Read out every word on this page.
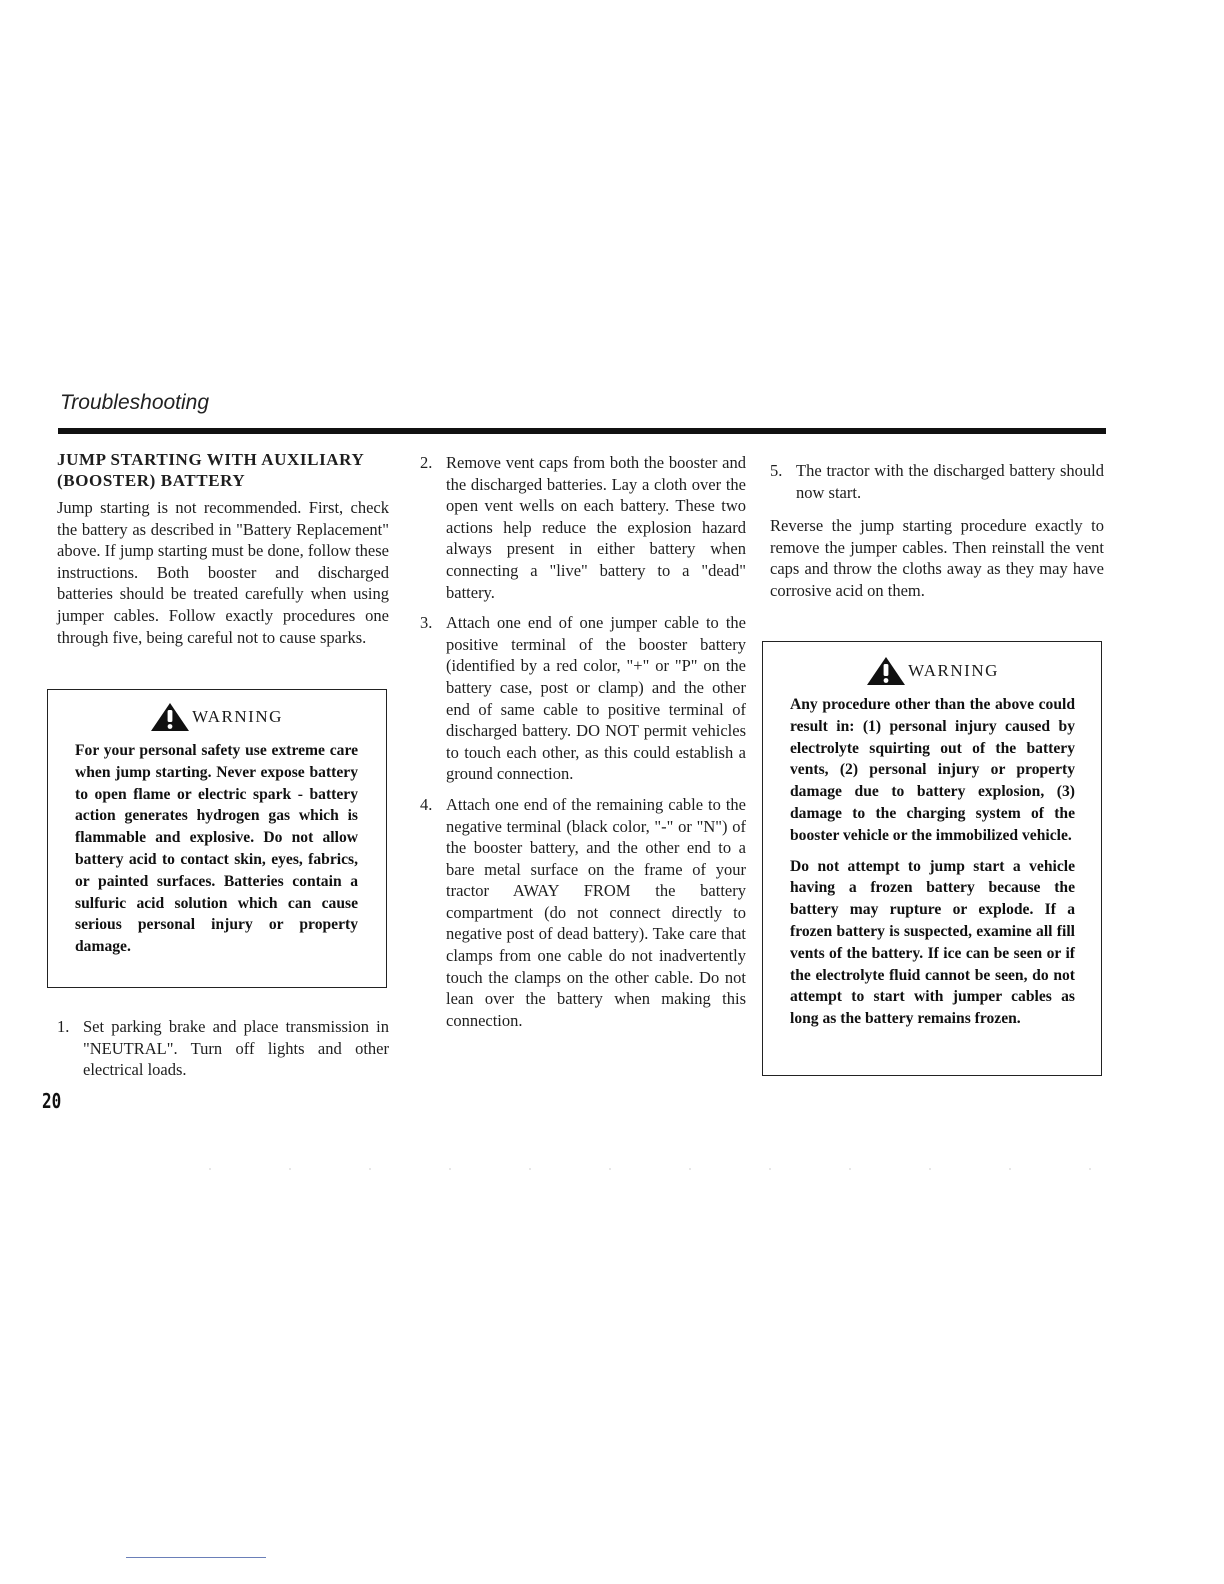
Troubleshooting
JUMP STARTING WITH AUXILIARY (BOOSTER) BATTERY

Jump starting is not recommended. First, check the battery as described in "Battery Replacement" above. If jump starting must be done, follow these instructions. Both booster and discharged batteries should be treated carefully when using jumper cables. Follow exactly procedures one through five, being careful not to cause sparks.

WARNING
For your personal safety use extreme care when jump starting. Never expose battery to open flame or electric spark - battery action generates hydrogen gas which is flammable and explosive. Do not allow battery acid to contact skin, eyes, fabrics, or painted surfaces. Batteries contain a sulfuric acid solution which can cause serious personal injury or property damage.
1. Set parking brake and place transmission in "NEUTRAL". Turn off lights and other electrical loads.
2. Remove vent caps from both the booster and the discharged batteries. Lay a cloth over the open vent wells on each battery. These two actions help reduce the explosion hazard always present in either battery when connecting a "live" battery to a "dead" battery.
3. Attach one end of one jumper cable to the positive terminal of the booster battery (identified by a red color, "+" or "P" on the battery case, post or clamp) and the other end of same cable to positive terminal of discharged battery. DO NOT permit vehicles to touch each other, as this could establish a ground connection.
4. Attach one end of the remaining cable to the negative terminal (black color, "-" or "N") of the booster battery, and the other end to a bare metal surface on the frame of your tractor AWAY FROM the battery compartment (do not connect directly to negative post of dead battery). Take care that clamps from one cable do not inadvertently touch the clamps on the other cable. Do not lean over the battery when making this connection.
5. The tractor with the discharged battery should now start.

Reverse the jump starting procedure exactly to remove the jumper cables. Then reinstall the vent caps and throw the cloths away as they may have corrosive acid on them.

WARNING
Any procedure other than the above could result in: (1) personal injury caused by electrolyte squirting out of the battery vents, (2) personal injury or property damage due to battery explosion, (3) damage to the charging system of the booster vehicle or the immobilized vehicle.
Do not attempt to jump start a vehicle having a frozen battery because the battery may rupture or explode. If a frozen battery is suspected, examine all fill vents of the battery. If ice can be seen or if the electrolyte fluid cannot be seen, do not attempt to start with jumper cables as long as the battery remains frozen.
20
